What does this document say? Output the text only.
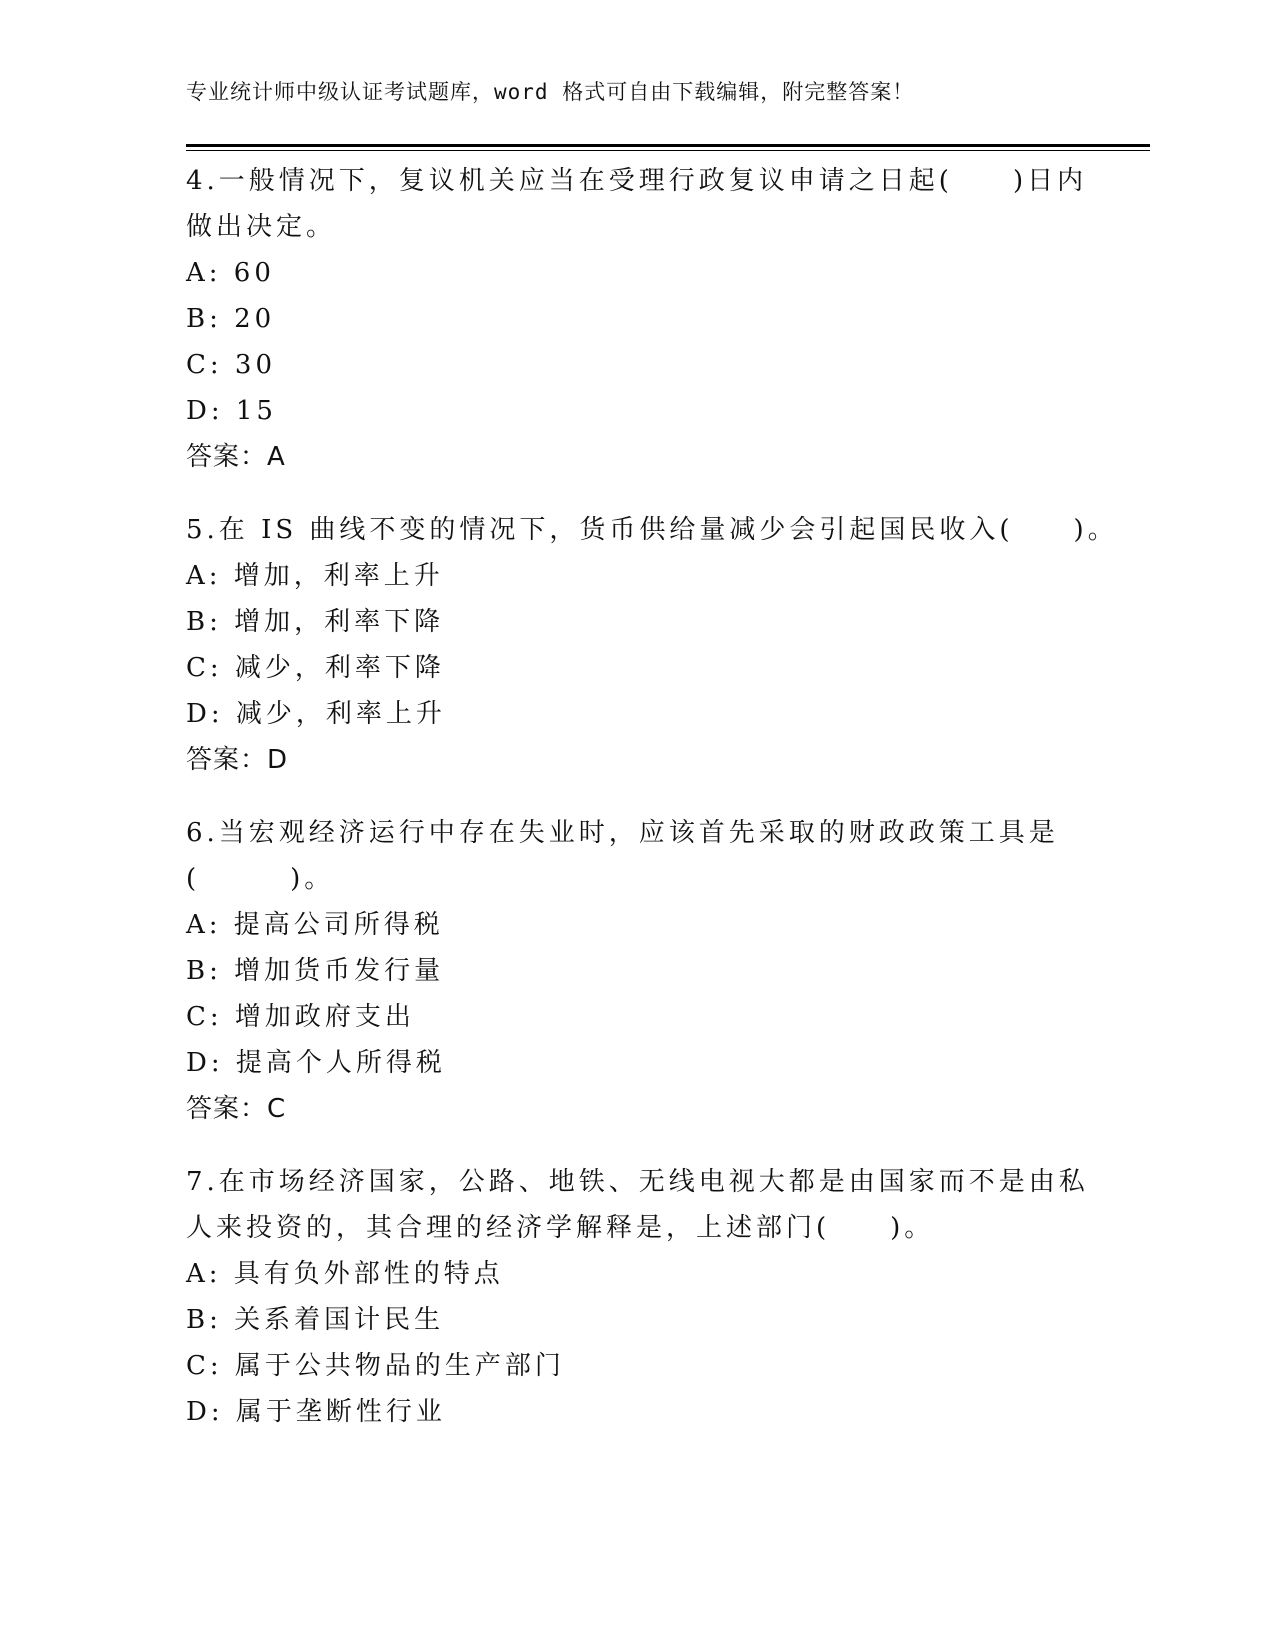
专业统计师中级认证考试题库，word 格式可自由下载编辑，附完整答案！
4.一般情况下，复议机关应当在受理行政复议申请之日起(　　)日内
做出决定。
A: 60
B: 20
C: 30
D: 15
答案：A
5.在 IS 曲线不变的情况下，货币供给量减少会引起国民收入(　　)。
A: 增加，利率上升
B: 增加，利率下降
C: 减少，利率下降
D: 减少，利率上升
答案：D
6.当宏观经济运行中存在失业时，应该首先采取的财政政策工具是
(　　　)。
A: 提高公司所得税
B: 增加货币发行量
C: 增加政府支出
D: 提高个人所得税
答案：C
7.在市场经济国家，公路、地铁、无线电视大都是由国家而不是由私
人来投资的，其合理的经济学解释是，上述部门(　　)。
A: 具有负外部性的特点
B: 关系着国计民生
C: 属于公共物品的生产部门
D: 属于垄断性行业
